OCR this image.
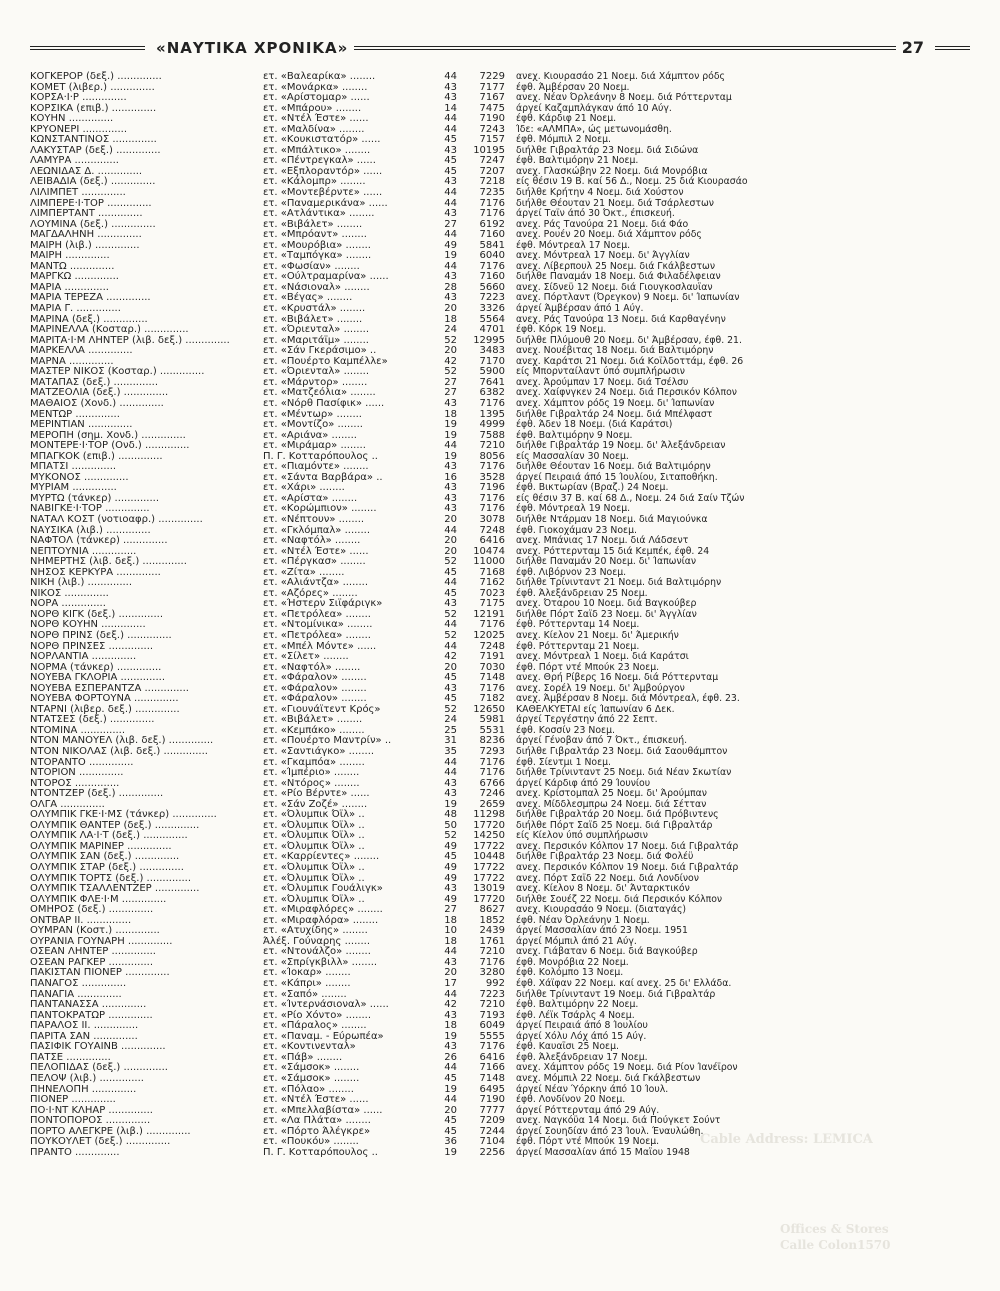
«ΝΑΥΤΙΚΑ ΧΡΟΝΙΚΑ»	27
Cable Address: LEMICA
Offices & Stores
Calle Colon1570
ΚΟΓΚΕΡΟΡ (δεξ.) ..............	ετ. «Βαλεαρίκα» ........	44	7229 ανεχ. Κιουρασάο 21 Νοεμ. διά Χάμπτον ρόδς
ΚΟΜΕΤ (λιβερ.) ..............	ετ. «Μονάρκα» ........	43	7177 έφθ. Άμβέρσαν 20 Νοεμ.
ΚΟΡΣΑ·Ι·Ρ ..............	ετ. «Αρίστομαρ» ......	43	7167 ανεχ. Νέαν Όρλεάνην 8 Νοεμ. διά Ρόττερνταμ
ΚΟΡΣΙΚΑ (επιβ.) ..............	ετ. «Μπάρου» ........	14	7475 άργεί Καζαμπλάγκαν άπό 10 Αύγ.
ΚΟΥΗΝ ..............	ετ. «Ντέλ Έστε» ......	44	7190 έφθ. Κάρδιφ 21 Νοεμ.
ΚΡΥΟΝΕΡΙ ..............	ετ. «Μαλδίνα» ........	44	7243 Ίδε: «ΑΛΜΠΑ», ώς μετωνομάσθη.
ΚΩΝΣΤΑΝΤΙΝΟΣ ..............	ετ. «Κουκιστατόρ» ......	45	7157 έφθ. Μόμπιλ 2 Νοεμ.
ΛΑΚΥΣΤΑΡ (δεξ.) ..............	ετ. «Μπάλτικο» ........	43	10195 διήλθε Γιβραλτάρ 23 Νοεμ. διά Σιδώνα
ΛΑΜΥΡΑ ..............	ετ. «Πέντρεγκαλ» ......	45	7247 έφθ. Βαλτιμόρην 21 Νοεμ.
ΛΕΩΝΙΔΑΣ Δ. ..............	ετ. «Εξπλοραντόρ» ......	45	7207 ανεχ. Γλασκώβην 22 Νοεμ. διά Μονρόβια
ΛΕΙΒΑΔΙΑ (δεξ.) ..............	ετ. «Κάλομπρ» ........	43	7218 είς θέσιν 19 Β. καί 56 Δ., Νοεμ. 25 διά Κιουρασάο
ΛΙΛΙΜΠΕΤ ..............	ετ. «Μοντεβέρντε» ......	44	7235 διήλθε Κρήτην 4 Νοεμ. διά Χούστον
ΛΙΜΠΕΡΕ·Ι·ΤΟΡ ..............	ετ. «Παναμερικάνα» ......	44	7176 διήλθε Θέουταν 21 Νοεμ. διά Τσάρλεστων
ΛΙΜΠΕΡΤΑΝΤ ..............	ετ. «Ατλάντικα» ........	43	7176 άργεί Ταϊν άπό 30 Όκτ., έπισκευή.
ΛΟΥΜΙΝΑ (δεξ.) ..............	ετ. «Βιβάλετ» ........	27	6192 ανεχ. Ράς Τανούρα 21 Νοεμ. διά Φάο
ΜΑΓΔΑΛΗΝΗ ..............	ετ. «Μπρόαντ» ........	44	7160 ανεχ. Ρουέν 20 Νοεμ. διά Χάμπτον ρόδς
ΜΑΙΡΗ (λιβ.) ..............	ετ. «Μουρόβια» ........	49	5841 έφθ. Μόντρεαλ 17 Νοεμ.
ΜΑΙΡΗ ..............	ετ. «Ταμπόγκα» ........	19	6040 ανεχ. Μόντρεαλ 17 Νοεμ. δι' Άγγλίαν
ΜΑΝΤΩ ..............	ετ. «Φωσίαν» ........	44	7176 ανεχ. Λίβερπουλ 25 Νοεμ. διά Γκάλβεστων
ΜΑΡΓΚΩ ..............	ετ. «Ούλτραμαρίνα» ......	43	7160 διήλθε Παναμάν 18 Νοεμ. διά Φιλαδέλφειαν
ΜΑΡΙΑ ..............	ετ. «Νάσιοναλ» ........	28	5660 ανεχ. Σίδνεϋ 12 Νοεμ. διά Γιουγκοσλαυΐαν
ΜΑΡΙΑ ΤΕΡΕΖΑ ..............	ετ. «Βέγας» ........	43	7223 ανεχ. Πόρτλαντ (Όρεγκον) 9 Νοεμ. δι' Ίαπωνίαν
ΜΑΡΙΑ Γ. ..............	ετ. «Κρυστάλ» ........	20	3326 άργεί Άμβέρσαν άπό 1 Αύγ.
ΜΑΡΙΝΑ (δεξ.) ..............	ετ. «Βιβάλετ» ........	18	5564 ανεχ. Ράς Τανούρα 13 Νοεμ. διά Καρθαγένην
ΜΑΡΙΝΕΛΛΑ (Κοσταρ.) ..............	ετ. «Όριενταλ» ........	24	4701 έφθ. Κόρκ 19 Νοεμ.
ΜΑΡΙΤΑ·Ι·Μ ΛΗΝΤΕΡ (λιβ. δεξ.) ..............	ετ. «Μαριτάϊμ» ........	52	12995 διήλθε Πλύμουθ 20 Νοεμ. δι' Άμβέρσαν, έφθ. 21.
ΜΑΡΚΕΛΛΑ ..............	ετ. «Σάν Γκεράσιμο» ..	20	3483 ανεχ. Νουέβιτας 18 Νοεμ. διά Βαλτιμόρην
ΜΑΡΝΑ ..............	ετ. «Πουέρτο Καμπέλλε»	42	7170 ανεχ. Καράτσι 21 Νοεμ. διά Κοϊλδοττάμ, έφθ. 26
ΜΑΣΤΕΡ ΝΙΚΟΣ (Κοσταρ.) ..............	ετ. «Όριενταλ» ........	52	5900 είς Μπορνταίλαντ ύπό συμπλήρωσιν
ΜΑΤΑΠΑΣ (δεξ.) ..............	ετ. «Μάρντορ» ........	27	7641 ανεχ. Άρούμπαν 17 Νοεμ. διά Τσέλσυ
ΜΑΤΖΕΟΛΙΑ (δεξ.) ..............	ετ. «Ματζεόλια» ........	27	6382 ανεχ. Χαίφνγκεν 24 Νοεμ. διά Περσικόν Κόλπον
ΜΑΘΑΙΟΣ (Χονδ.) ..............	ετ. «Νόρθ Πασίφικ» ......	43	7176 ανεχ. Χάμπτον ρόδς 19 Νοεμ. δι' Ίαπωνίαν
ΜΕΝΤΩΡ ..............	ετ. «Μέντωρ» ........	18	1395 διήλθε Γιβραλτάρ 24 Νοεμ. διά Μπέλφαστ
ΜΕΡΙΝΤΙΑΝ ..............	ετ. «Μοντίζο» ........	19	4999 έφθ. Άδεν 18 Νοεμ. (διά Καράτσι)
ΜΕΡΟΠΗ (σημ. Χονδ.) ..............	ετ. «Αριάνα» ........	19	7588 έφθ. Βαλτιμόρην 9 Νοεμ.
ΜΟΝΤΕΡΕ·Ι·ΤΟΡ (Ονδ.) ..............	ετ. «Μιράμαρ» ........	44	7210 διήλθε Γιβραλτάρ 19 Νοεμ. δι' Άλεξάνδρειαν
ΜΠΑΓΚΟΚ (επιβ.) ..............	Π. Γ. Κοτταρόπουλος ..	19	8056 είς Μασσαλίαν 30 Νοεμ.
ΜΠΑΤΣΙ ..............	ετ. «Πιαμόντε» ........	43	7176 διήλθε Θέουταν 16 Νοεμ. διά Βαλτιμόρην
ΜΥΚΟΝΟΣ ..............	ετ. «Σάντα Βαρβάρα» ..	16	3528 άργεί Πειραιά άπό 15 Ίουλίου, Σιταποθήκη.
ΜΥΡΙΑΜ ..............	ετ. «Χάρι» ........	43	7196 έφθ. Βικτωρίαν (Βραζ.) 24 Νοεμ.
ΜΥΡΤΩ (τάνκερ) ..............	ετ. «Αρίστα» ........	43	7176 είς θέσιν 37 Β. καί 68 Δ., Νοεμ. 24 διά Σαίν Τζών
ΝΑΒΙΓΚΕ·Ι·ΤΟΡ ..............	ετ. «Κορώμπιον» ........	43	7176 έφθ. Μόντρεαλ 19 Νοεμ.
ΝΑΤΑΛ ΚΟΣΤ (νοτιοαφρ.) ..............	ετ. «Νέπτουν» ........	20	3078 διήλθε Ντάρμαν 18 Νοεμ. διά Μαγιούνκα
ΝΑΥΣΙΚΑ (λιβ.) ..............	ετ. «Γκλόμπαλ» ........	44	7248 έφθ. Γιοκοχάμαν 23 Νοεμ.
ΝΑΦΤΟΛ (τάνκερ) ..............	ετ. «Ναφτόλ» ........	20	6416 ανεχ. Μπάνιας 17 Νοεμ. διά Λάδσεντ
ΝΕΠΤΟΥΝΙΑ ..............	ετ. «Ντέλ Έστε» ......	20	10474 ανεχ. Ρόττερνταμ 15 διά Κεμπέκ, έφθ. 24
ΝΗΜΕΡΤΗΣ (λιβ. δεξ.) ..............	ετ. «Πέργκασ» ........	52	11000 διήλθε Παναμάν 20 Νοεμ. δι' Ίαπωνίαν
ΝΗΣΟΣ ΚΕΡΚΥΡΑ ..............	ετ. «Ζίτα» ........	45	7168 έφθ. Λιβόρνον 23 Νοεμ.
ΝΙΚΗ (λιβ.) ..............	ετ. «Αλιάντζα» ........	44	7162 διήλθε Τρίνινταντ 21 Νοεμ. διά Βαλτιμόρην
ΝΙΚΟΣ ..............	ετ. «Αζόρες» ........	45	7023 έφθ. Άλεξάνδρειαν 25 Νοεμ.
ΝΟΡΑ ..............	ετ. «Ήστερν Σιϊφάριγκ»	43	7175 ανεχ. Όταρου 10 Νοεμ. διά Βαγκούβερ
ΝΟΡΘ ΚΙΓΚ (δεξ.) ..............	ετ. «Πετρόλεα» ........	52	12191 διήλθε Πόρτ Σαϊδ 23 Νοεμ. δι' Άγγλίαν
ΝΟΡΘ ΚΟΥΗΝ ..............	ετ. «Ντομίνικα» ........	44	7176 έφθ. Ρόττερνταμ 14 Νοεμ.
ΝΟΡΘ ΠΡΙΝΣ (δεξ.) ..............	ετ. «Πετρόλεα» ........	52	12025 ανεχ. Κίελον 21 Νοεμ. δι' Άμερικήν
ΝΟΡΘ ΠΡΙΝΣΕΣ ..............	ετ. «Μπέλ Μόντε» ......	44	7248 έφθ. Ρόττερνταμ 21 Νοεμ.
ΝΟΡΛΑΝΤΙΑ ..............	ετ. «Σίλετ» ........	42	7191 ανεχ. Μόντρεαλ 1 Νοεμ. διά Καράτσι
ΝΟΡΜΑ (τάνκερ) ..............	ετ. «Ναφτόλ» ........	20	7030 έφθ. Πόρτ ντέ Μπούκ 23 Νοεμ.
ΝΟΥΕΒΑ ΓΚΛΟΡΙΑ ..............	ετ. «Φάραλον» ........	45	7148 ανεχ. Θρή Ρίβερς 16 Νοεμ. διά Ρόττερνταμ
ΝΟΥΕΒΑ ΕΣΠΕΡΑΝΤΖΑ ..............	ετ. «Φάραλον» ........	43	7176 ανεχ. Σορέλ 19 Νοεμ. δι' Άμβούργον
ΝΟΥΕΒΑ ΦΟΡΤΟΥΝΑ ..............	ετ. «Φάραλον» ........	45	7182 ανεχ. Άμβέρσαν 8 Νοεμ. διά Μόντρεαλ, έφθ. 23.
ΝΤΑΡΝΙ (λιβερ. δεξ.) ..............	ετ. «Γιουνάϊτεντ Κρός»	52	12650 ΚΑΘΕΛΚΥΕΤΑΙ είς Ίαπωνίαν 6 Δεκ.
ΝΤΑΤΣΕΣ (δεξ.) ..............	ετ. «Βιβάλετ» ........	24	5981 άργεί Τεργέστην άπό 22 Σεπτ.
ΝΤΟΜΙΝΑ ..............	ετ. «Κεμπάκο» ........	25	5531 έφθ. Κοσσίν 23 Νοεμ.
ΝΤΟΝ ΜΑΝΟΥΕΛ (λιβ. δεξ.) ..............	ετ. «Πουέρτο Μαντρίν» ..	31	8236 άργεί Γένοβαν άπό 7 Όκτ., έπισκευή.
ΝΤΟΝ ΝΙΚΟΛΑΣ (λιβ. δεξ.) ..............	ετ. «Σαντιάγκο» ........	35	7293 διήλθε Γιβραλτάρ 23 Νοεμ. διά Σαουθάμπτον
ΝΤΟΡΑΝΤΟ ..............	ετ. «Γκαμπόα» ........	44	7176 έφθ. Σίεντμι 1 Νοεμ.
ΝΤΟΡΙΟΝ ..............	ετ. «Ίμπέριο» ........	44	7176 διήλθε Τρίνινταντ 25 Νοεμ. διά Νέαν Σκωτίαν
ΝΤΟΡΟΣ ..............	ετ. «Ντόρος» ........	43	6766 άργεί Κάρδιφ άπό 29 Ίουνίου
ΝΤΟΝΤΖΕΡ (δεξ.) ..............	ετ. «Ρίο Βέρντε» ......	43	7246 ανεχ. Κρίστομπαλ 25 Νοεμ. δι' Άρούμπαν
ΟΛΓΑ ..............	ετ. «Σάν Ζοζέ» ........	19	2659 ανεχ. Μίδδλεσμπρω 24 Νοεμ. διά Σέτταν
ΟΛΥΜΠΙΚ ΓΚΕ·Ι·ΜΣ (τάνκερ) ..............	ετ. «Όλυμπικ Όϊλ» ..	48	11298 διήλθε Γιβραλτάρ 20 Νοεμ. διά Πρόβιντενς
ΟΛΥΜΠΙΚ ΘΑΝΤΕΡ (δεξ.) ..............	ετ. «Όλυμπικ Όϊλ» ..	50	17720 διήλθε Πόρτ Σαϊδ 25 Νοεμ. διά Γιβραλτάρ
ΟΛΥΜΠΙΚ ΛΑ·Ι·Τ (δεξ.) ..............	ετ. «Όλυμπικ Όϊλ» ..	52	14250 είς Κίελον ύπό συμπλήρωσιν
ΟΛΥΜΠΙΚ ΜΑΡΙΝΕΡ ..............	ετ. «Όλυμπικ Όϊλ» ..	49	17722 ανεχ. Περσικόν Κόλπον 17 Νοεμ. διά Γιβραλτάρ
ΟΛΥΜΠΙΚ ΣΑΝ (δεξ.) ..............	ετ. «Καρρίεντες» ........	45	10448 διήλθε Γιβραλτάρ 23 Νοεμ. διά Φολέϋ
ΟΛΥΜΠΙΚ ΣΤΑΡ (δεξ.) ..............	ετ. «Όλυμπικ Όϊλ» ..	49	17722 ανεχ. Περσικόν Κόλπον 19 Νοεμ. διά Γιβραλτάρ
ΟΛΥΜΠΙΚ ΤΟΡΤΣ (δεξ.) ..............	ετ. «Όλυμπικ Όϊλ» ..	49	17722 ανεχ. Πόρτ Σαϊδ 22 Νοεμ. διά Λονδίνον
ΟΛΥΜΠΙΚ ΤΣΑΛΛΕΝΤΖΕΡ ..............	ετ. «Όλυμπικ Γουάλιγκ»	43	13019 ανεχ. Κίελον 8 Νοεμ. δι' Άνταρκτικόν
ΟΛΥΜΠΙΚ ΦΛΕ·Ι·Μ ..............	ετ. «Όλυμπικ Όϊλ» ..	49	17720 διήλθε Σουέζ 22 Νοεμ. διά Περσικόν Κόλπον
ΟΜΗΡΟΣ (δεξ.) ..............	ετ. «Μιραφλόρες» ........	27	8627 ανεχ. Κιουρασάο 9 Νοεμ. (διαταγάς)
ΟΝΤΒΑΡ ΙΙ. ..............	ετ. «Μιραφλόρα» ........	18	1852 έφθ. Νέαν Όρλεάνην 1 Νοεμ.
ΟΥΜΡΑΝ (Κοστ.) ..............	ετ. «Ατυχίδης» ........	10	2439 άργεί Μασσαλίαν άπό 23 Νοεμ. 1951
ΟΥΡΑΝΙΑ ΓΟΥΝΑΡΗ ..............	Άλέξ. Γούναρης ........	18	1761 άργεί Μόμπιλ άπό 21 Αύγ.
ΟΣΕΑΝ ΛΗΝΤΕΡ ..............	ετ. «Ντονάλζο» ........	44	7210 ανεχ. Γιάβαταν 6 Νοεμ. διά Βαγκούβερ
ΟΣΕΑΝ ΡΑΓΚΕΡ ..............	ετ. «Σπρίγκβιλλ» ........	43	7176 έφθ. Μονρόβια 22 Νοεμ.
ΠΑΚΙΣΤΑΝ ΠΙΟΝΕΡ ..............	ετ. «Ίοκαρ» ........	20	3280 έφθ. Κολόμπο 13 Νοεμ.
ΠΑΝΑΓΟΣ ..............	ετ. «Κάπρι» ........	17	992 έφθ. Χάϊφαν 22 Νοεμ. καί ανεχ. 25 δι' Ελλάδα.
ΠΑΝΑΓΙΑ ..............	ετ. «Σαπό» ........	44	7223 διήλθε Τρίνινταντ 19 Νοεμ. διά Γιβραλτάρ
ΠΑΝΤΑΝΑΣΣΑ ..............	ετ. «Ίντερνάσιοναλ» ......	42	7210 έφθ. Βαλτιμόρην 22 Νοεμ.
ΠΑΝΤΟΚΡΑΤΩΡ ..............	ετ. «Ρίο Χόντο» ........	43	7193 έφθ. Λέϊκ Τσάρλς 4 Νοεμ.
ΠΑΡΑΛΟΣ ΙΙ. ..............	ετ. «Πάραλος» ........	18	6049 άργεί Πειραιά άπό 8 Ίουλίου
ΠΑΡΙΤΑ ΣΑΝ ..............	ετ. «Παναμ. - Εύρωπέα»	19	5555 άργεί Χόλυ Λόχ άπό 15 Αύγ.
ΠΑΣΙΦΙΚ ΓΟΥΑΙΝΒ ..............	ετ. «Κοντινενταλ»	43	7176 έφθ. Καυαΐσι 25 Νοεμ.
ΠΑΤΣΕ ..............	ετ. «Πάβ» ........	26	6416 έφθ. Άλεξάνδρειαν 17 Νοεμ.
ΠΕΛΟΠΙΔΑΣ (δεξ.) ..............	ετ. «Σάμσοκ» ........	44	7166 ανεχ. Χάμπτον ρόδς 19 Νοεμ. διά Ρίον Ίανέϊρον
ΠΕΛΟΨ (λιβ.) ..............	ετ. «Σάμσοκ» ........	45	7148 ανεχ. Μόμπιλ 22 Νοεμ. διά Γκάλβεστων
ΠΗΝΕΛΟΠΗ ..............	ετ. «Πόλαο» ........	19	6495 άργεί Νέαν Ύόρκην άπό 10 Ίουλ.
ΠΙΟΝΕΡ ..............	ετ. «Ντέλ Έστε» ......	44	7190 έφθ. Λονδίνον 20 Νοεμ.
ΠΟ·Ι·ΝΤ ΚΛΗΑΡ ..............	ετ. «Μπελλαβίστα» ......	20	7777 άργεί Ρόττερνταμ άπό 29 Αύγ.
ΠΟΝΤΟΠΟΡΟΣ ..............	ετ. «Λα Πλάτα» ........	45	7209 ανεχ. Ναγκόϋα 14 Νοεμ. διά Πούγκετ Σούντ
ΠΟΡΤΟ ΑΛΕΓΚΡΕ (λιβ.) ..............	ετ. «Πόρτο Άλέγκρε»	45	7244 άργεί Σουηδίαν άπό 23 Ίουλ. Έναυλώθη.
ΠΟΥΚΟΥΛΕΤ (δεξ.) ..............	ετ. «Πουκόυ» ........	36	7104 έφθ. Πόρτ ντέ Μπούκ 19 Νοεμ.
ΠΡΑΝΤΟ ..............	Π. Γ. Κοτταρόπουλος ..	19	2256 άργεί Μασσαλίαν άπό 15 Μαΐου 1948
